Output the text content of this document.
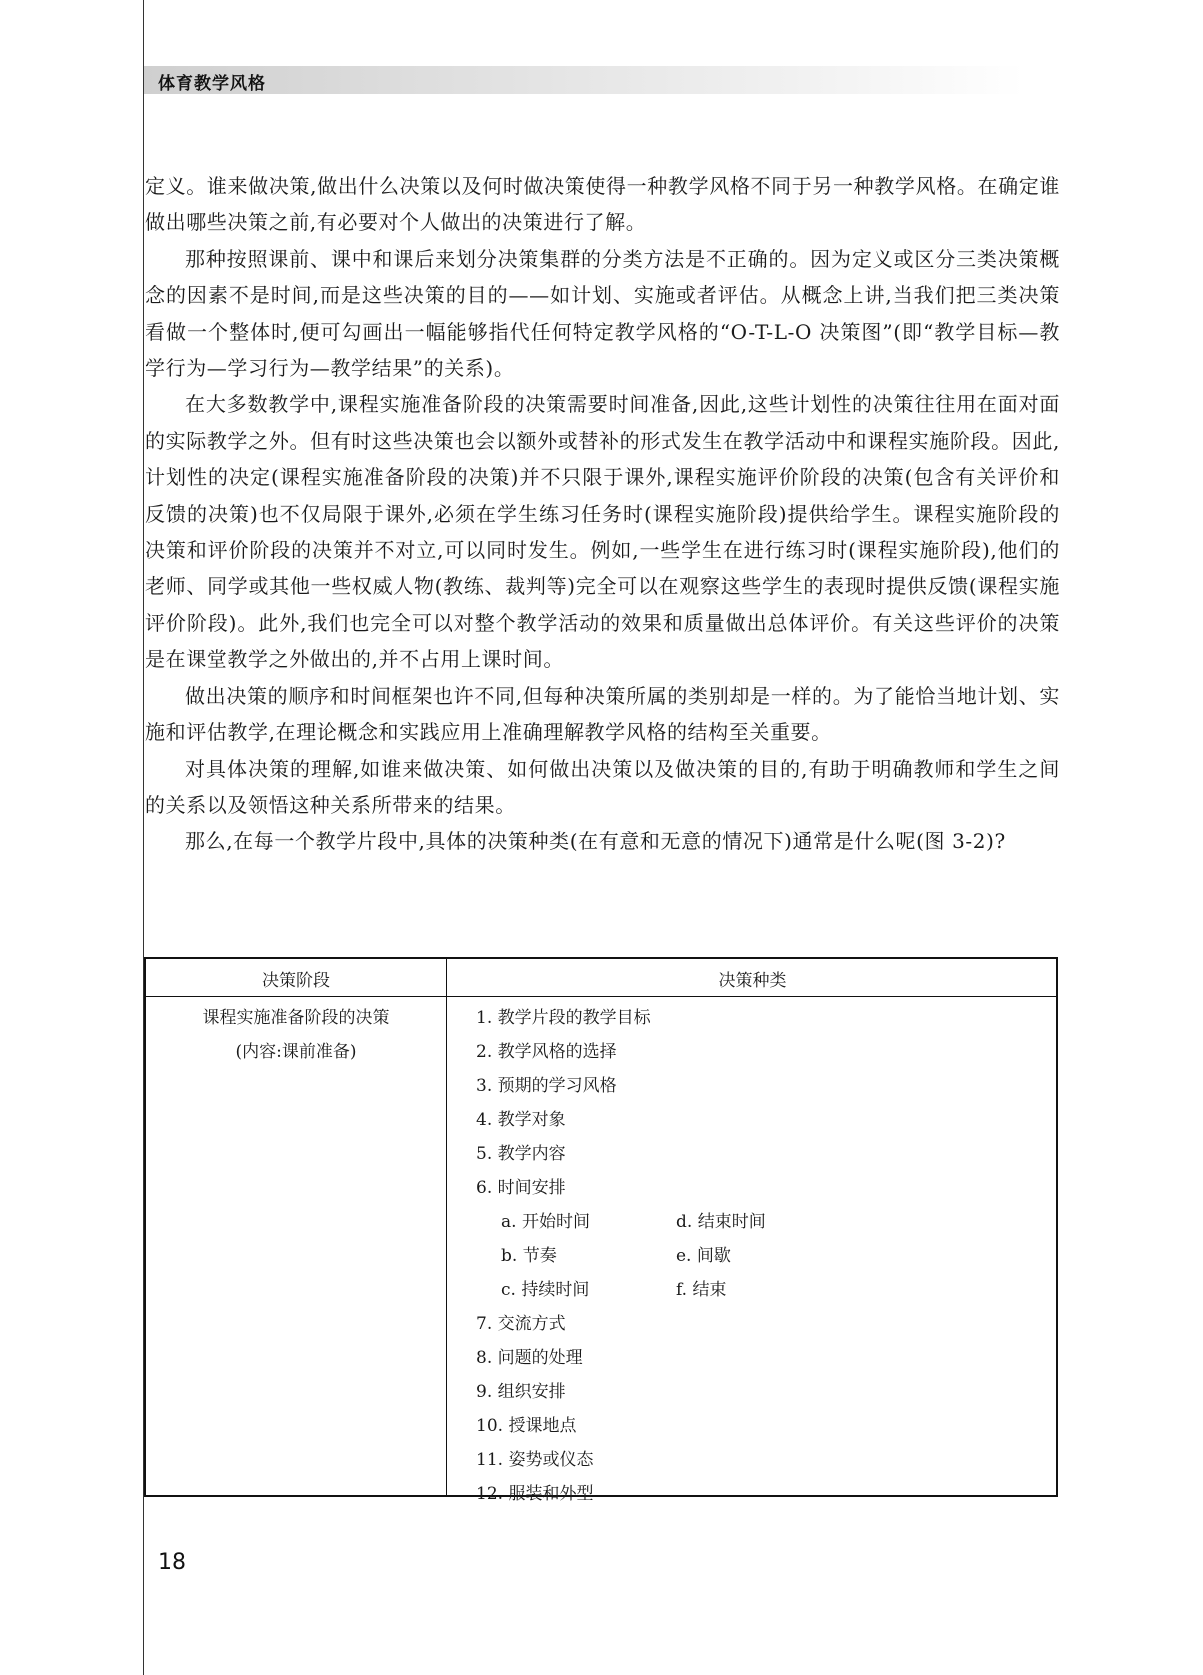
体育教学风格

定义。谁来做决策,做出什么决策以及何时做决策使得一种教学风格不同于另一种教学风格。在确定谁做出哪些决策之前,有必要对个人做出的决策进行了解。

那种按照课前、课中和课后来划分决策集群的分类方法是不正确的。因为定义或区分三类决策概念的因素不是时间,而是这些决策的目的——如计划、实施或者评估。从概念上讲,当我们把三类决策看做一个整体时,便可勾画出一幅能够指代任何特定教学风格的“O-T-L-O 决策图”(即“教学目标—教学行为—学习行为—教学结果”的关系)。

在大多数教学中,课程实施准备阶段的决策需要时间准备,因此,这些计划性的决策往往用在面对面的实际教学之外。但有时这些决策也会以额外或替补的形式发生在教学活动中和课程实施阶段。因此,计划性的决定(课程实施准备阶段的决策)并不只限于课外,课程实施评价阶段的决策(包含有关评价和反馈的决策)也不仅局限于课外,必须在学生练习任务时(课程实施阶段)提供给学生。课程实施阶段的决策和评价阶段的决策并不对立,可以同时发生。例如,一些学生在进行练习时(课程实施阶段),他们的老师、同学或其他一些权威人物(教练、裁判等)完全可以在观察这些学生的表现时提供反馈(课程实施评价阶段)。此外,我们也完全可以对整个教学活动的效果和质量做出总体评价。有关这些评价的决策是在课堂教学之外做出的,并不占用上课时间。

做出决策的顺序和时间框架也许不同,但每种决策所属的类别却是一样的。为了能恰当地计划、实施和评估教学,在理论概念和实践应用上准确理解教学风格的结构至关重要。

对具体决策的理解,如谁来做决策、如何做出决策以及做决策的目的,有助于明确教师和学生之间的关系以及领悟这种关系所带来的结果。

那么,在每一个教学片段中,具体的决策种类(在有意和无意的情况下)通常是什么呢(图 3-2)?

决策阶段	决策种类
课程实施准备阶段的决策
(内容:课前准备)
1. 教学片段的教学目标
2. 教学风格的选择
3. 预期的学习风格
4. 教学对象
5. 教学内容
6. 时间安排
a. 开始时间	d. 结束时间
b. 节奏	e. 间歇
c. 持续时间	f. 结束
7. 交流方式
8. 问题的处理
9. 组织安排
10. 授课地点
11. 姿势或仪态
12. 服装和外型
18
